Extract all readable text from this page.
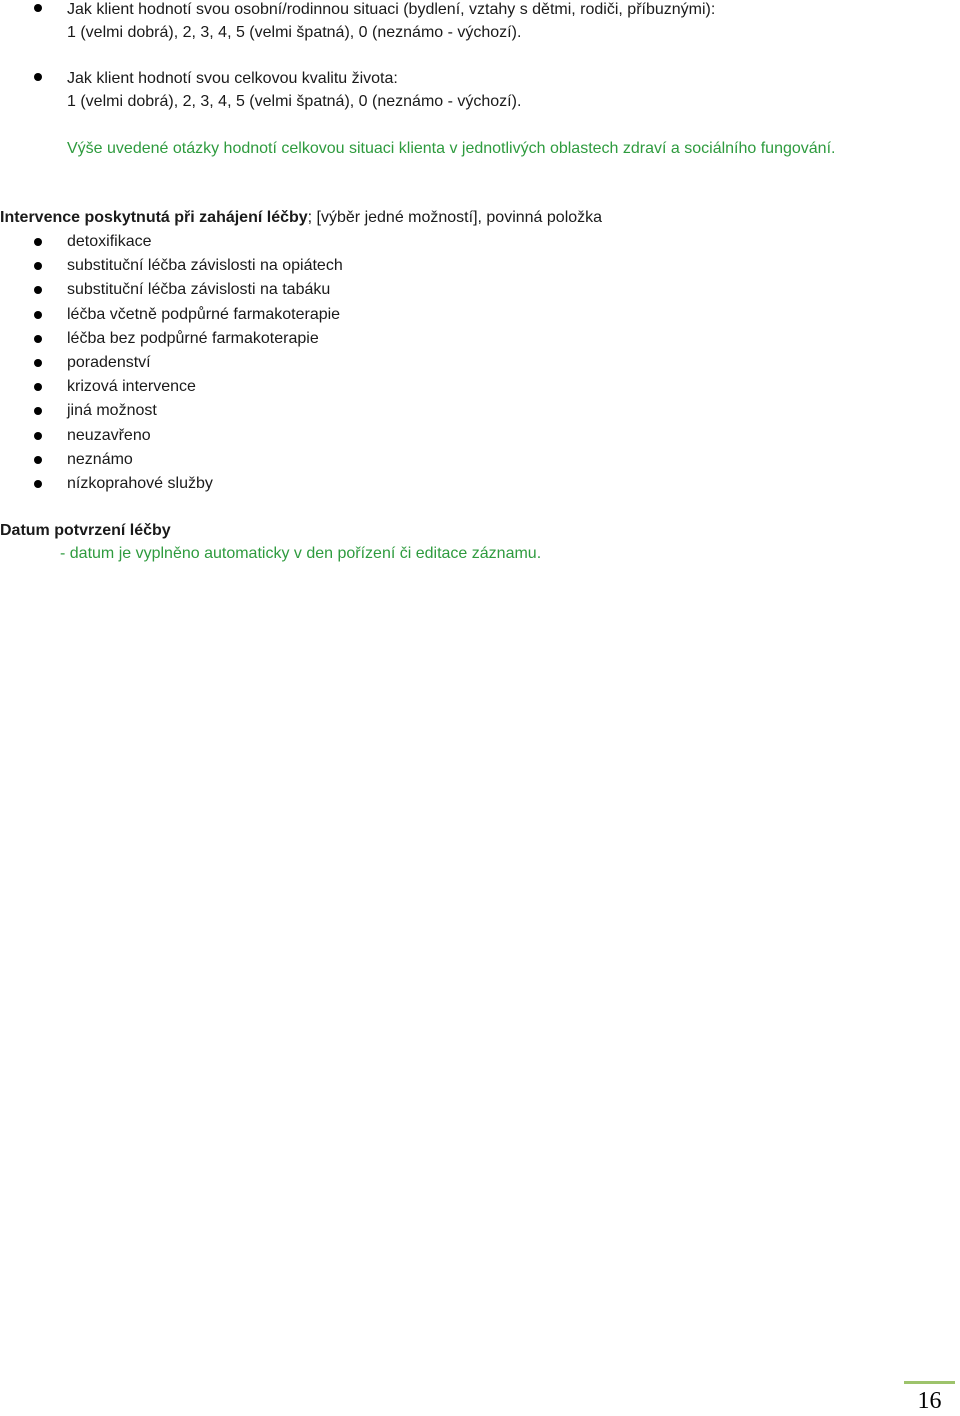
Jak klient hodnotí svou osobní/rodinnou situaci (bydlení, vztahy s dětmi, rodiči, příbuznými):
1 (velmi dobrá), 2, 3, 4, 5 (velmi špatná), 0 (neznámo - výchozí).
Jak klient hodnotí svou celkovou kvalitu života:
1 (velmi dobrá), 2, 3, 4, 5 (velmi špatná), 0 (neznámo - výchozí).
Výše uvedené otázky hodnotí celkovou situaci klienta v jednotlivých oblastech zdraví a sociálního fungování.
Intervence poskytnutá při zahájení léčby; [výběr jedné možností], povinná položka
detoxifikace
substituční léčba závislosti na opiátech
substituční léčba závislosti na tabáku
léčba včetně podpůrné farmakoterapie
léčba bez podpůrné farmakoterapie
poradenství
krizová intervence
jiná možnost
neuzavřeno
neznámo
nízkoprahové služby
Datum potvrzení léčby
- datum je vyplněno automaticky v den pořízení či editace záznamu.
16
